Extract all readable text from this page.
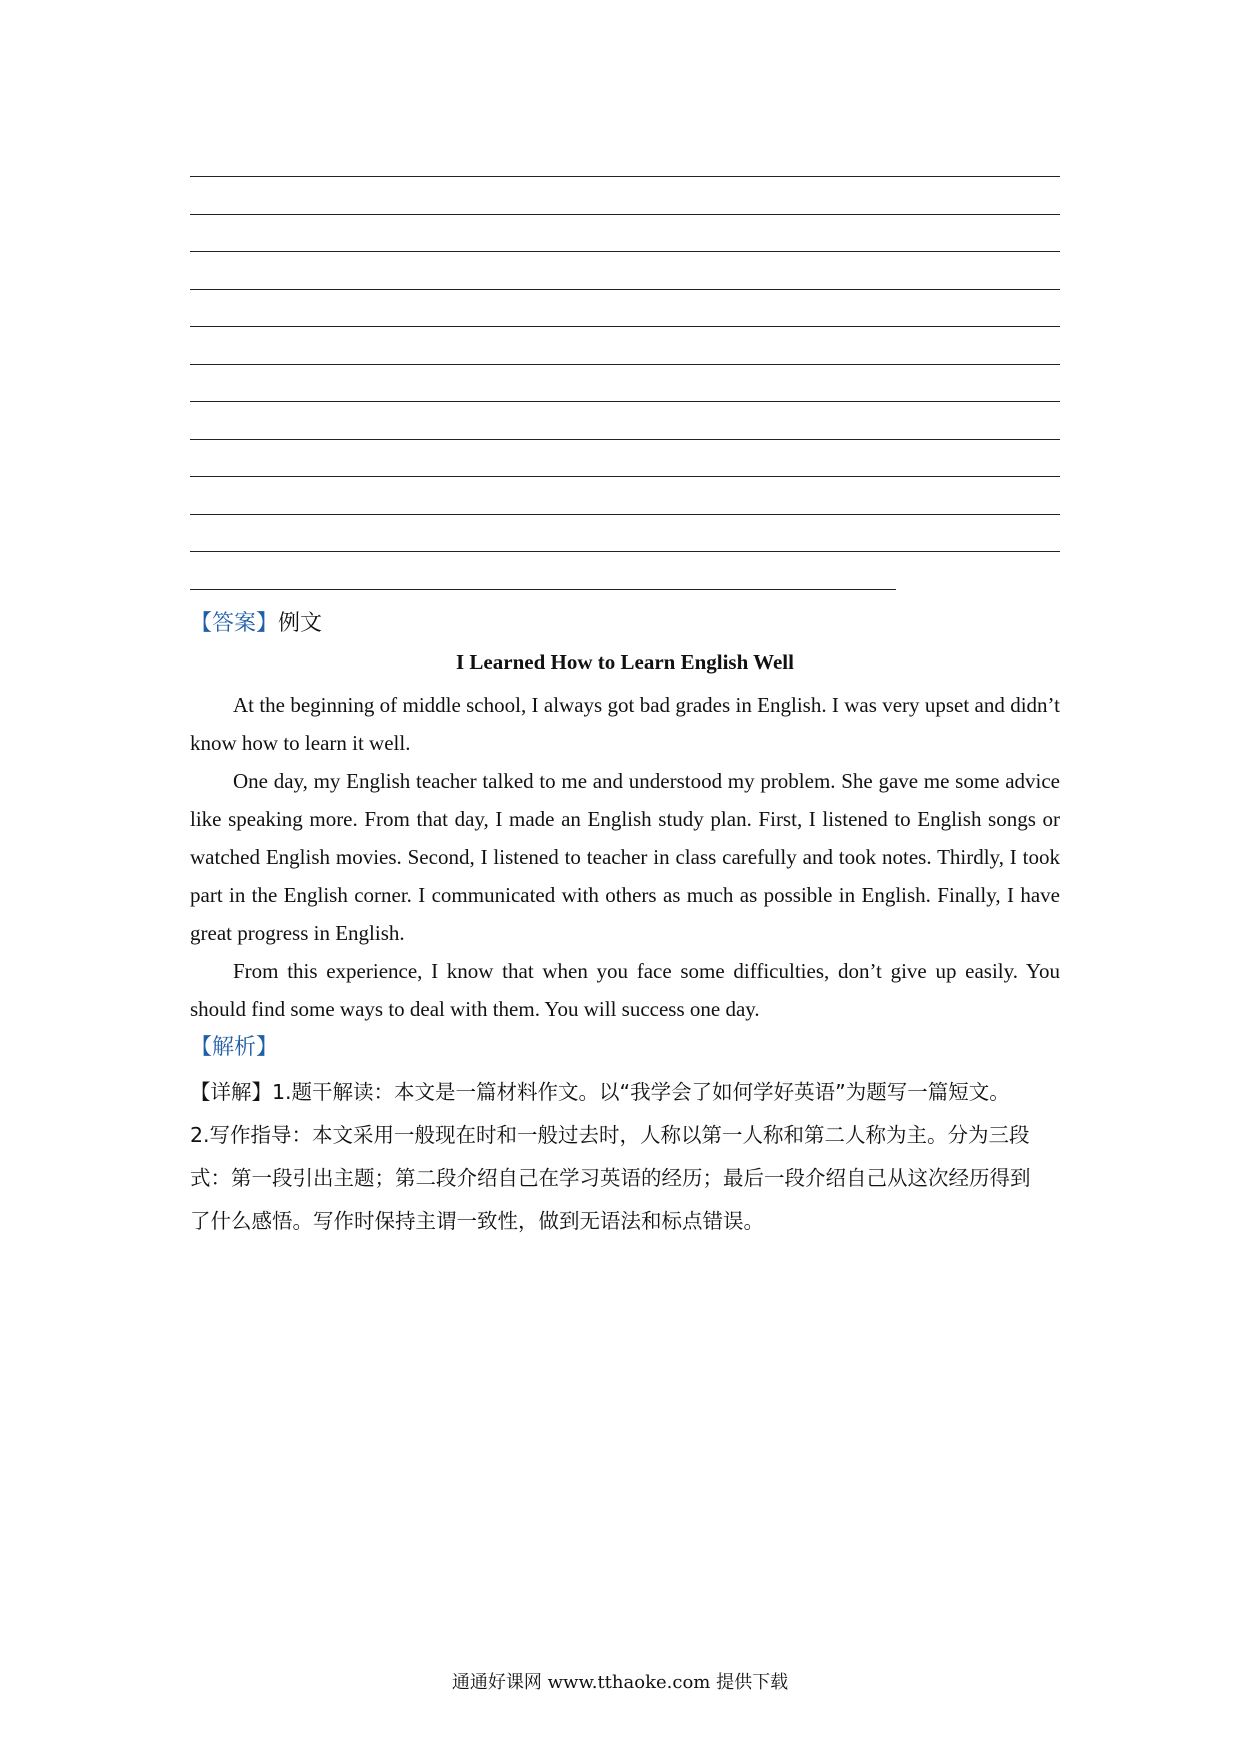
【答案】例文
I Learned How to Learn English Well

At the beginning of middle school, I always got bad grades in English. I was very upset and didn’t know how to learn it well.

One day, my English teacher talked to me and understood my problem. She gave me some advice like speaking more. From that day, I made an English study plan. First, I listened to English songs or watched English movies. Second, I listened to teacher in class carefully and took notes. Thirdly, I took part in the English corner. I communicated with others as much as possible in English. Finally, I have great progress in English.

From this experience, I know that when you face some difficulties, don’t give up easily. You should find some ways to deal with them. You will success one day.

【解析】

【详解】1.题干解读：本文是一篇材料作文。以“我学会了如何学好英语”为题写一篇短文。

2.写作指导：本文采用一般现在时和一般过去时，人称以第一人称和第二人称为主。分为三段式：第一段引出主题；第二段介绍自己在学习英语的经历；最后一段介绍自己从这次经历得到了什么感悟。写作时保持主谓一致性，做到无语法和标点错误。

通通好课网 www.tthaoke.com 提供下载
